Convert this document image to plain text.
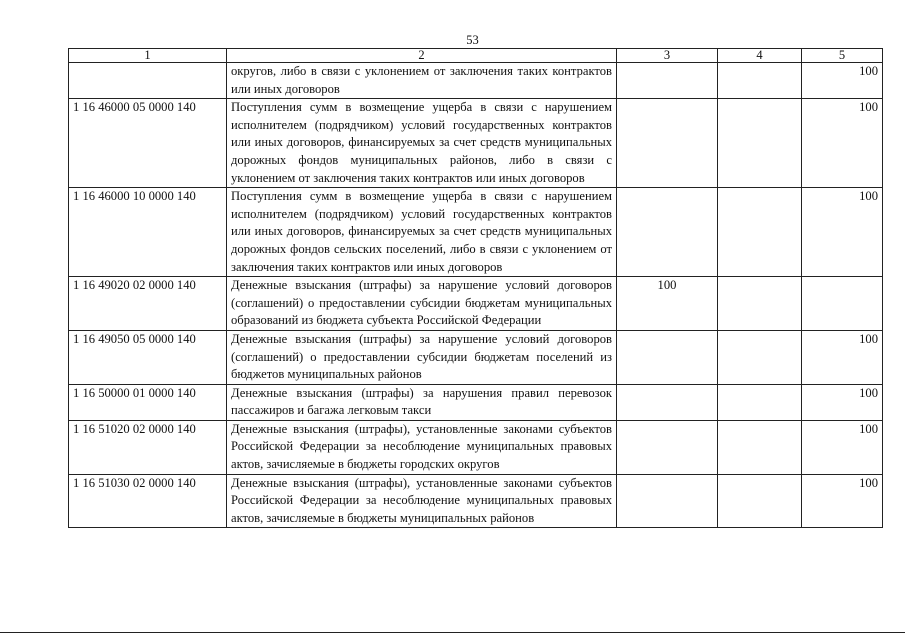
53
1	2	3	4	5
	округов, либо в связи с уклонением от заключения таких контрактов или иных договоров			100
1 16 46000 05 0000 140	Поступления сумм в возмещение ущерба в связи с нарушением исполнителем (подрядчиком) условий государственных контрактов или иных договоров, финансируемых за счет средств муниципальных дорожных фондов муниципальных районов, либо в связи с уклонением от заключения таких контрактов или иных договоров			100
1 16 46000 10 0000 140	Поступления сумм в возмещение ущерба в связи с нарушением исполнителем (подрядчиком) условий государственных контрактов или иных договоров, финансируемых за счет средств муниципальных дорожных фондов сельских поселений, либо в связи с уклонением от заключения таких контрактов или иных договоров			100
1 16 49020 02 0000 140	Денежные взыскания (штрафы) за нарушение условий договоров (соглашений) о предоставлении субсидии бюджетам муниципальных образований из бюджета субъекта Российской Федерации	100		
1 16 49050 05 0000 140	Денежные взыскания (штрафы) за нарушение условий договоров (соглашений) о предоставлении субсидии бюджетам поселений из бюджетов муниципальных районов			100
1 16 50000 01 0000 140	Денежные взыскания (штрафы) за нарушения правил перевозок пассажиров и багажа легковым такси			100
1 16 51020 02 0000 140	Денежные взыскания (штрафы), установленные законами субъектов Российской Федерации за несоблюдение муниципальных правовых актов, зачисляемые в бюджеты городских округов			100
1 16 51030 02 0000 140	Денежные взыскания (штрафы), установленные законами субъектов Российской Федерации за несоблюдение муниципальных правовых актов, зачисляемые в бюджеты муниципальных районов			100
